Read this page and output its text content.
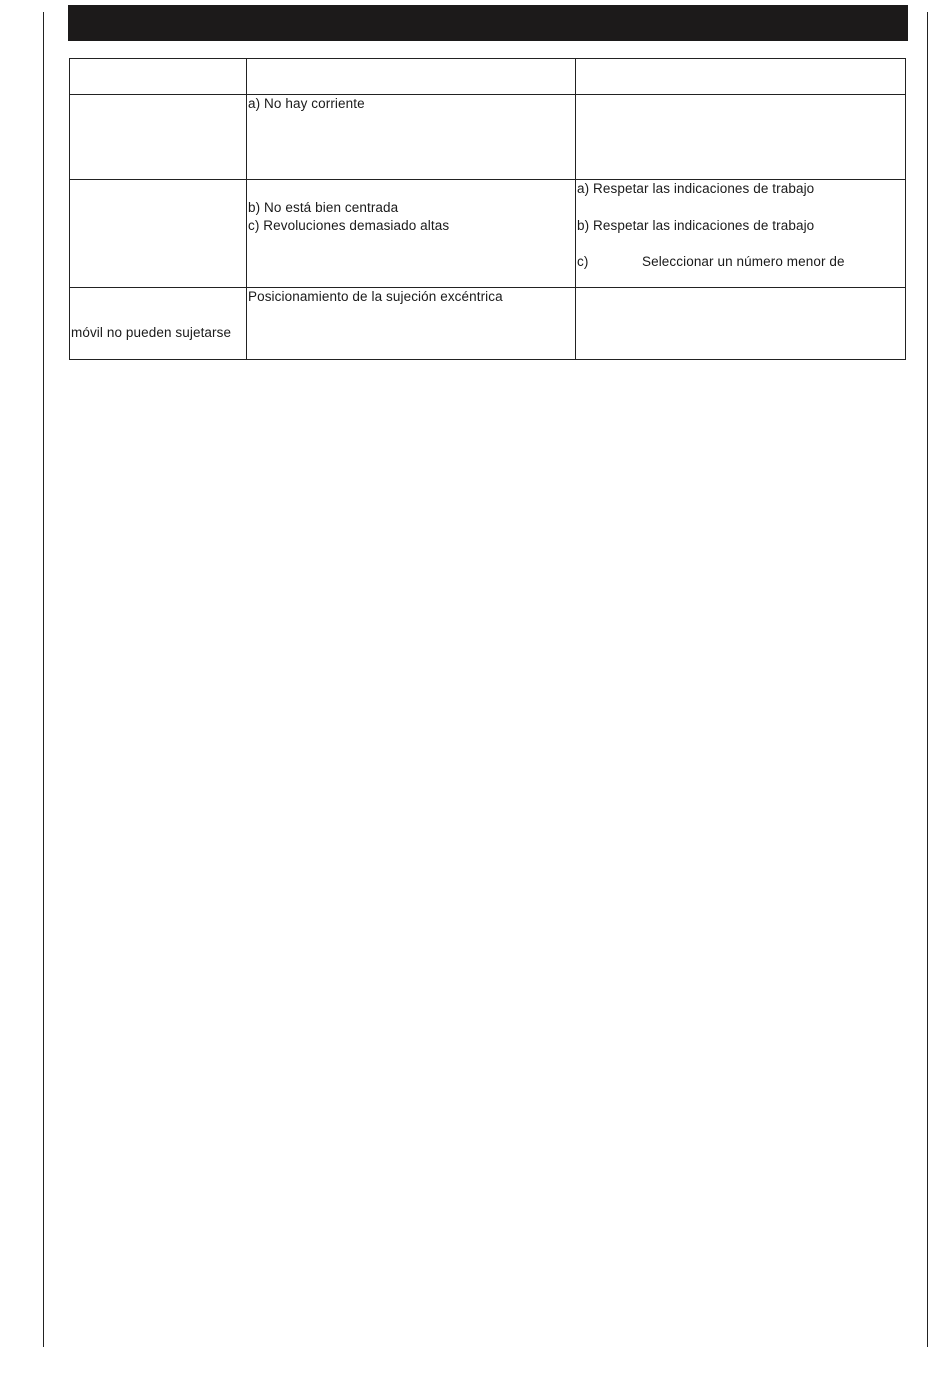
a) No hay corriente
b) No está bien centrada
c) Revoluciones demasiado altas
a) Respetar las indicaciones de trabajo
b) Respetar las indicaciones de trabajo
c)	Seleccionar un número menor de
móvil no pueden sujetarse
Posicionamiento de la sujeción excéntrica
